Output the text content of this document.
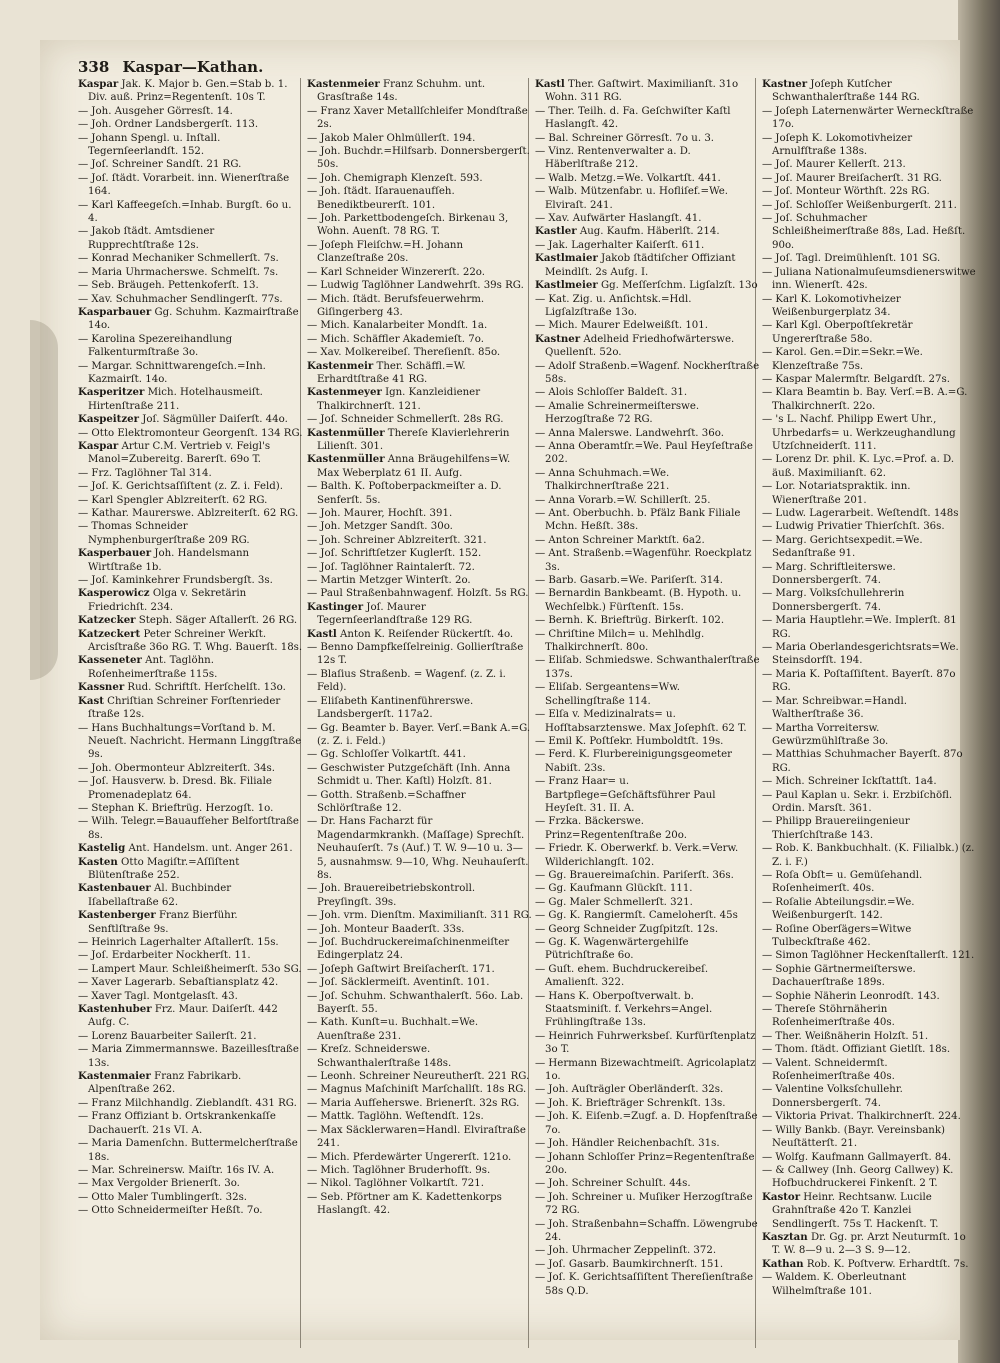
338 Kaspar—Kathan.
Kaspar Jak. K. Major b. Gen.=Stab b. 1. Div. auß. Prinz=Regentenſt. 10s T.
— Joh. Ausgeher Görresſt. 14.
— Joh. Ordner Landsbergerſt. 113.
— Johann Spengl. u. Inſtall. Tegernſeerlandſt. 152.
— Joſ. Schreiner Sandſt. 21 RG.
— Joſ. ſtädt. Vorarbeit. inn. Wienerſtraße 164.
— Karl Kaffeegeſch.=Inhab. Burgſt. 6o u. 4.
— Jakob ſtädt. Amtsdiener Rupprechtſtraße 12s.
— Konrad Mechaniker Schmellerſt. 7s.
— Maria Uhrmacherswe. Schmelſt. 7s.
— Seb. Bräugeh. Pettenkoferſt. 13.
— Xav. Schuhmacher Sendlingerſt. 77s.
Kasparbauer Gg. Schuhm. Kazmairſtraße 14o.
— Karolina Spezereihandlung Falkenturmſtraße 3o.
— Margar. Schnittwarengeſch.=Inh. Kazmairſt. 14o.
Kasperitzer Mich. Hotelhausmeiſt. Hirtenſtraße 211.
Kaspeitzer Joſ. Sägmüller Daiſerſt. 44o.
— Otto Elektromonteur Georgenſt. 134 RG.
Kaspar Artur C.M. Vertrieb v. Feigl's Manol=Zubereitg. Barerſt. 69o T.
— Frz. Taglöhner Tal 314.
— Joſ. K. Gerichtsaſſiſtent (z. Z. i. Feld).
— Karl Spengler Ablzreiterſt. 62 RG.
— Kathar. Maurerswe. Ablzreiterſt. 62 RG.
— Thomas Schneider Nymphenburgerſtraße 209 RG.
Kasperbauer Joh. Handelsmann Wirtſtraße 1b.
— Joſ. Kaminkehrer Frundsbergſt. 3s.
Kasperowicz Olga v. Sekretärin Friedrichſt. 234.
Katzecker Steph. Säger Aſtallerſt. 26 RG.
Katzeckert Peter Schreiner Werkſt. Arcisſtraße 36o RG. T. Whg. Bauerſt. 18s.
Kasseneter Ant. Taglöhn. Roſenheimerſtraße 115s.
Kassner Rud. Schriftſt. Herſchelſt. 13o.
Kast Chriſtian Schreiner Forſtenrieder ſtraße 12s.
— Hans Buchhaltungs=Vorſtand b. M. Neueſt. Nachricht. Hermann Linggſtraße 9s.
— Joh. Obermonteur Ablzreiterſt. 34s.
— Joſ. Hausverw. b. Dresd. Bk. Filiale Promenadeplatz 64.
— Stephan K. Brieftrüg. Herzogſt. 1o.
— Wilh. Telegr.=Bauaufſeher Belfortſtraße 8s.
Kastelig Ant. Handelsm. unt. Anger 261.
Kasten Otto Magiſtr.=Aſſiſtent Blütenſtraße 252.
Kastenbauer Al. Buchbinder Iſabellaſtraße 62.
Kastenberger Franz Bierführ. Senftlſtraße 9s.
— Heinrich Lagerhalter Aſtallerſt. 15s.
— Joſ. Erdarbeiter Nockherſt. 11.
— Lampert Maur. Schleißheimerſt. 53o SG.
— Xaver Lagerarb. Sebaſtiansplatz 42.
— Xaver Tagl. Montgelasſt. 43.
Kastenhuber Frz. Maur. Daiſerſt. 442 Aufg. C.
— Lorenz Bauarbeiter Sailerſt. 21.
— Maria Zimmermannswe. Bazeillesſtraße 13s.
Kastenmaier Franz Fabrikarb. Alpenſtraße 262.
— Franz Milchhandlg. Zieblandſt. 431 RG.
— Franz Offiziant b. Ortskrankenkaſſe Dachauerſt. 21s VI. A.
— Maria Damenſchn. Buttermelcherſtraße 18s.
— Mar. Schreinersw. Maiſtr. 16s IV. A.
— Max Vergolder Brienerſt. 3o.
— Otto Maler Tumblingerſt. 32s.
— Otto Schneidermeiſter Heßſt. 7o.
Kastenmeier Franz Schuhm. unt. Grasſtraße 14s.
— Franz Xaver Metallſchleifer Mondſtraße 2s.
— Jakob Maler Ohlmüllerſt. 194.
— Joh. Buchdr.=Hilfsarb. Donnersbergerſt. 50s.
— Joh. Chemigraph Klenzeſt. 593.
— Joh. ſtädt. Iſarauenaufſeh. Benediktbeurerſt. 101.
— Joh. Parkettbodengeſch. Birkenau 3, Wohn. Auenſt. 78 RG. T.
— Joſeph Fleiſchw.=H. Johann Clanzeſtraße 20s.
— Karl Schneider Winzererſt. 22o.
— Ludwig Taglöhner Landwehrſt. 39s RG.
— Mich. ſtädt. Berufsfeuerwehrm. Giſingerberg 43.
— Mich. Kanalarbeiter Mondſt. 1a.
— Mich. Schäffler Akademieſt. 7o.
— Xav. Molkereibeſ. Thereſienſt. 85o.
Kastenmeir Ther. Schäffl.=W. Erhardtſtraße 41 RG.
Kastenmeyer Ign. Kanzleidiener Thalkirchnerſt. 121.
— Joſ. Schneider Schmellerſt. 28s RG.
Kastenmüller Thereſe Klavierlehrerin Lilienſt. 301.
Kastenmüller Anna Bräugehilfens=W. Max Weberplatz 61 II. Aufg.
— Balth. K. Poſtoberpackmeiſter a. D. Senferſt. 5s.
— Joh. Maurer, Hochſt. 391.
— Joh. Metzger Sandſt. 30o.
— Joh. Schreiner Ablzreiterſt. 321.
— Joſ. Schriftſetzer Kuglerſt. 152.
— Joſ. Taglöhner Raintalerſt. 72.
— Martin Metzger Winterſt. 2o.
— Paul Straßenbahnwagenf. Holzſt. 5s RG.
Kastinger Joſ. Maurer Tegernſeerlandſtraße 129 RG.
Kastl Anton K. Reiſender Rückertſt. 4o.
— Benno Dampfkeſſelreinig. Gollierſtraße 12s T.
— Blaſius Straßenb. = Wagenf. (z. Z. i. Feld).
— Eliſabeth Kantinenführerswe. Landsbergerſt. 117a2.
— Gg. Beamter b. Bayer. Verſ.=Bank A.=G. (z. Z. i. Feld.)
— Gg. Schloſſer Volkartſt. 441.
— Geschwister Putzgeſchäft (Inh. Anna Schmidt u. Ther. Kaſtl) Holzſt. 81.
— Gotth. Straßenb.=Schaffner Schlörſtraße 12.
— Dr. Hans Facharzt für Magendarmkrankh. (Maſſage) Sprechſt. Neuhauſerſt. 7s (Auf.) T. W. 9—10 u. 3—5, ausnahmsw. 9—10, Whg. Neuhauſerſt. 8s.
— Joh. Brauereibetriebskontroll. Preyſingſt. 39s.
— Joh. vrm. Dienſtm. Maximilianſt. 311 RG.
— Joh. Monteur Baaderſt. 33s.
— Joſ. Buchdruckereimaſchinenmeiſter Edingerplatz 24.
— Joſeph Gaſtwirt Breiſacherſt. 171.
— Joſ. Säcklermeiſt. Aventinſt. 101.
— Joſ. Schuhm. Schwanthalerſt. 56o. Lab. Bayerſt. 55.
— Kath. Kunſt=u. Buchhalt.=We. Auenſtraße 231.
— Kreſz. Schneiderswe. Schwanthalerſtraße 148s.
— Leonh. Schreiner Neureutherſt. 221 RG.
— Magnus Maſchiniſt Marſchallſt. 18s RG.
— Maria Aufſeherswe. Brienerſt. 32s RG.
— Mattk. Taglöhn. Weſtendſt. 12s.
— Max Säcklerwaren=Handl. Elviraſtraße 241.
— Mich. Pferdewärter Ungererſt. 121o.
— Mich. Taglöhner Bruderhofſt. 9s.
— Nikol. Taglöhner Volkartſt. 721.
— Seb. Pförtner am K. Kadettenkorps Haslangſt. 42.
Kastl Ther. Gaſtwirt. Maximilianſt. 31o Wohn. 311 RG.
— Ther. Teilh. d. Fa. Geſchwiſter Kaſtl Haslangſt. 42.
— Bal. Schreiner Görresſt. 7o u. 3.
— Vinz. Rentenverwalter a. D. Häberlſtraße 212.
— Walb. Metzg.=We. Volkartſt. 441.
— Walb. Mützenfabr. u. Hofliſef.=We. Elviraſt. 241.
— Xav. Aufwärter Haslangſt. 41.
Kastler Aug. Kaufm. Häberlſt. 214.
— Jak. Lagerhalter Kaiſerſt. 611.
Kastlmaier Jakob ſtädtiſcher Offiziant Meindlſt. 2s Aufg. I.
Kastlmeier Gg. Meſſerſchm. Ligſalzſt. 13o
— Kat. Zig. u. Anſichtsk.=Hdl. Ligſalzſtraße 13o.
— Mich. Maurer Edelweißſt. 101.
Kastner Adelheid Friedhofwärterswe. Quellenſt. 52o.
— Adolf Straßenb.=Wagenf. Nockherſtraße 58s.
— Alois Schloſſer Baldeſt. 31.
— Amalie Schreinermeiſterswe. Herzogſtraße 72 RG.
— Anna Malerswe. Landwehrſt. 36o.
— Anna Oberamtſr.=We. Paul Heyſeſtraße 202.
— Anna Schuhmach.=We. Thalkirchnerſtraße 221.
— Anna Vorarb.=W. Schillerſt. 25.
— Ant. Oberbuchh. b. Pfälz Bank Filiale Mchn. Heßſt. 38s.
— Anton Schreiner Marktſt. 6a2.
— Ant. Straßenb.=Wagenführ. Roeckplatz 3s.
— Barb. Gasarb.=We. Pariſerſt. 314.
— Bernardin Bankbeamt. (B. Hypoth. u. Wechſelbk.) Fürſtenſt. 15s.
— Bernh. K. Brieftrüg. Birkerſt. 102.
— Chriſtine Milch= u. Mehlhdlg. Thalkirchnerſt. 80o.
— Eliſab. Schmiedswe. Schwanthalerſtraße 137s.
— Eliſab. Sergeantens=Ww. Schellingſtraße 114.
— Elſa v. Medizinalrats= u. Hofſtabsarztenswe. Max Joſephſt. 62 T.
— Emil K. Poſtſekr. Humboldtſt. 19s.
— Ferd. K. Flurbereinigungsgeometer Nabiſt. 23s.
— Franz Haar= u. Bartpflege=Geſchäftsführer Paul Heyſeſt. 31. II. A.
— Frzka. Bäckerswe. Prinz=Regentenſtraße 20o.
— Friedr. K. Oberwerkf. b. Verk.=Verw. Wilderichlangſt. 102.
— Gg. Brauereimaſchin. Pariſerſt. 36s.
— Gg. Kaufmann Glückſt. 111.
— Gg. Maler Schmellerſt. 321.
— Gg. K. Rangiermſt. Cameloherſt. 45s
— Georg Schneider Zugſpitzſt. 12s.
— Gg. K. Wagenwärtergehilfe Pütrichſtraße 6o.
— Guſt. ehem. Buchdruckereibeſ. Amalienſt. 322.
— Hans K. Oberpoſtverwalt. b. Staatsminiſt. f. Verkehrs=Angel. Frühlingſtraße 13s.
— Heinrich Fuhrwerksbeſ. Kurfürſtenplatz 3o T.
— Hermann Bizewachtmeiſt. Agricolaplatz 1o.
— Joh. Auſträgler Oberländerſt. 32s.
— Joh. K. Briefträger Schrenkſt. 13s.
— Joh. K. Eiſenb.=Zugf. a. D. Hopfenſtraße 7o.
— Joh. Händler Reichenbachſt. 31s.
— Johann Schloſſer Prinz=Regentenſtraße 20o.
— Joh. Schreiner Schulſt. 44s.
— Joh. Schreiner u. Muſiker Herzogſtraße 72 RG.
— Joh. Straßenbahn=Schaffn. Löwengrube 24.
— Joh. Uhrmacher Zeppelinſt. 372.
— Joſ. Gasarb. Baumkirchnerſt. 151.
— Joſ. K. Gerichtsaſſiſtent Thereſienſtraße 58s Q.D.
Kastner Joſeph Kutſcher Schwanthalerſtraße 144 RG.
— Joſeph Laternenwärter Werneckſtraße 17o.
— Joſeph K. Lokomotivheizer Arnulfſtraße 138s.
— Joſ. Maurer Kellerſt. 213.
— Joſ. Maurer Breiſacherſt. 31 RG.
— Joſ. Monteur Wörthſt. 22s RG.
— Joſ. Schloſſer Weißenburgerſt. 211.
— Joſ. Schuhmacher Schleißheimerſtraße 88s, Lad. Heßſt. 90o.
— Joſ. Tagl. Dreimühlenſt. 101 SG.
— Juliana Nationalmuſeumsdienerswitwe inn. Wienerſt. 42s.
— Karl K. Lokomotivheizer Weißenburgerplatz 34.
— Karl Kgl. Oberpoſtſekretär Ungererſtraße 58o.
— Karol. Gen.=Dir.=Sekr.=We. Klenzeſtraße 75s.
— Kaspar Malermſtr. Belgardſt. 27s.
— Klara Beamtin b. Bay. Verſ.=B. A.=G. Thalkirchnerſt. 22o.
— 's L. Nachf. Philipp Ewert Uhr., Uhrbedarfs= u. Werkzeughandlung Utzſchneiderſt. 111.
— Lorenz Dr. phil. K. Lyc.=Prof. a. D. äuß. Maximilianſt. 62.
— Lor. Notariatspraktik. inn. Wienerſtraße 201.
— Ludw. Lagerarbeit. Weſtendſt. 148s
— Ludwig Privatier Thierſchſt. 36s.
— Marg. Gerichtsexpedit.=We. Sedanſtraße 91.
— Marg. Schriftleiterswe. Donnersbergerſt. 74.
— Marg. Volksſchullehrerin Donnersbergerſt. 74.
— Maria Hauptlehr.=We. Implerſt. 81 RG.
— Maria Oberlandesgerichtsrats=We. Steinsdorfſt. 194.
— Maria K. Poſtaſſiſtent. Bayerſt. 87o RG.
— Mar. Schreibwar.=Handl. Waltherſtraße 36.
— Martha Vorreitersw. Gewürzmühlſtraße 3o.
— Matthias Schuhmacher Bayerſt. 87o RG.
— Mich. Schreiner Ickſtattſt. 1a4.
— Paul Kaplan u. Sekr. i. Erzbiſchöfl. Ordin. Marsſt. 361.
— Philipp Brauereiingenieur Thierſchſtraße 143.
— Rob. K. Bankbuchhalt. (K. Filialbk.) (z. Z. i. F.)
— Roſa Obſt= u. Gemüſehandl. Roſenheimerſt. 40s.
— Roſalie Abteilungsdir.=We. Weißenburgerſt. 142.
— Roſine Oberſägers=Witwe Tulbeckſtraße 462.
— Simon Taglöhner Heckenſtallerſt. 121.
— Sophie Gärtnermeiſterswe. Dachauerſtraße 189s.
— Sophie Näherin Leonrodſt. 143.
— Thereſe Stöhrnäherin Roſenheimerſtraße 40s.
— Ther. Weißnäherin Holzſt. 51.
— Thom. ſtädt. Offiziant Gietlſt. 18s.
— Valent. Schneidermſt. Roſenheimerſtraße 40s.
— Valentine Volksſchullehr. Donnersbergerſt. 74.
— Viktoria Privat. Thalkirchnerſt. 224.
— Willy Bankb. (Bayr. Vereinsbank) Neuſtätterſt. 21.
— Wolfg. Kaufmann Gallmayerſt. 84.
— & Callwey (Inh. Georg Callwey) K. Hofbuchdruckerei Finkenſt. 2 T.
Kastor Heinr. Rechtsanw. Lucile Grahnſtraße 42o T. Kanzlei Sendlingerſt. 75s T. Hackenſt. T.
Kasztan Dr. Gg. pr. Arzt Neuturmſt. 1o T. W. 8—9 u. 2—3 S. 9—12.
Kathan Rob. K. Poſtverw. Erhardtſt. 7s.
— Waldem. K. Oberleutnant Wilhelmſtraße 101.
